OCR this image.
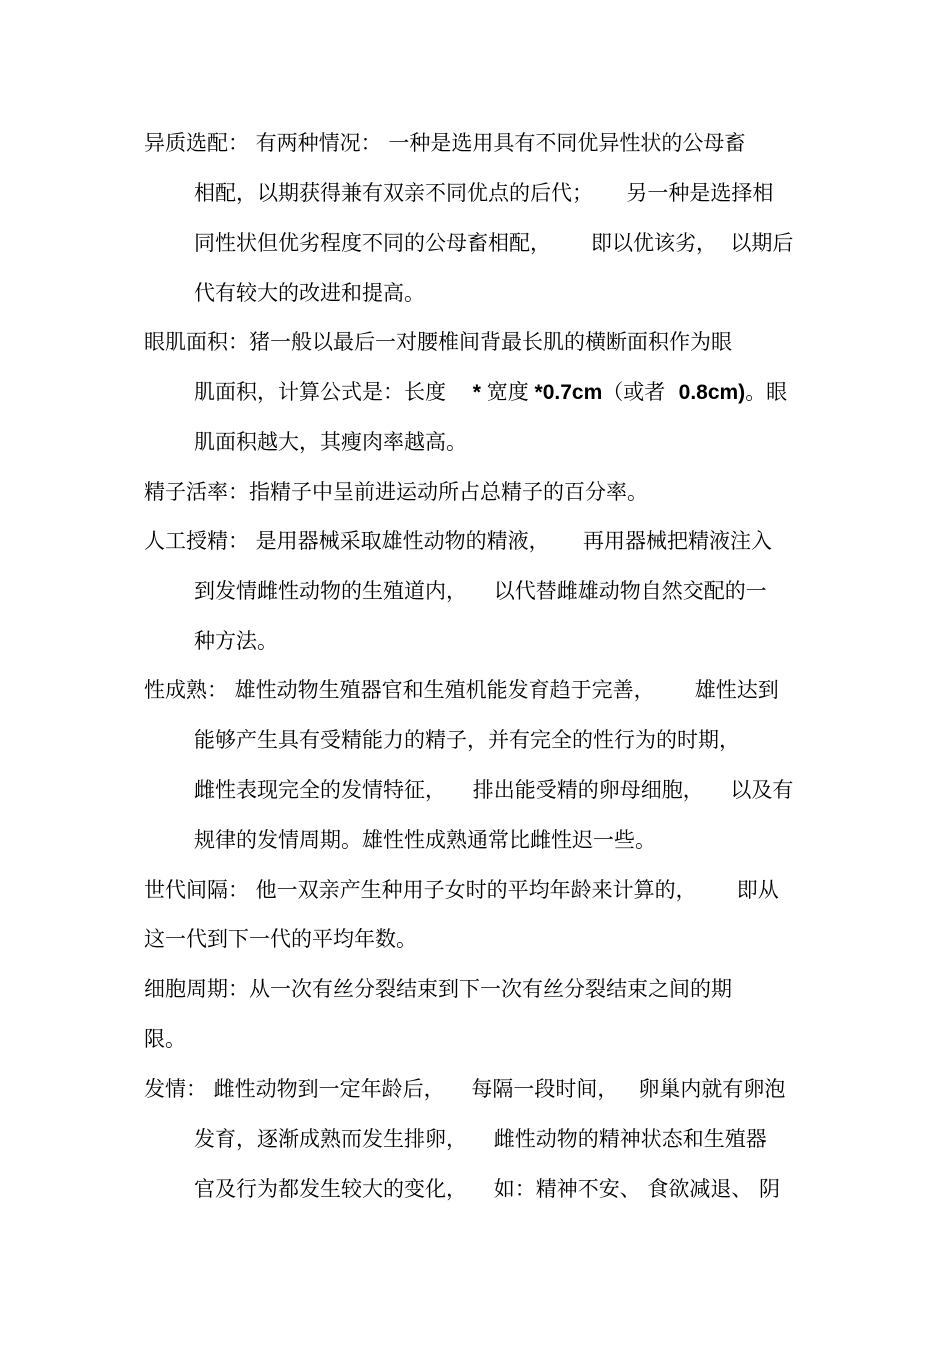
异质选配： 有两种情况： 一种是选用具有不同优异性状的公母畜

相配，以期获得兼有双亲不同优点的后代；     另一种是选择相

同性状但优劣程度不同的公母畜相配，      即以优该劣，  以期后

代有较大的改进和提高。

眼肌面积：猪一般以最后一对腰椎间背最长肌的横断面积作为眼

肌面积，计算公式是：长度    * 宽度 *0.7cm（或者  0.8cm)。眼

肌面积越大，其瘦肉率越高。

精子活率：指精子中呈前进运动所占总精子的百分率。

人工授精： 是用器械采取雄性动物的精液，     再用器械把精液注入

到发情雌性动物的生殖道内，    以代替雌雄动物自然交配的一

种方法。

性成熟： 雄性动物生殖器官和生殖机能发育趋于完善，      雄性达到

能够产生具有受精能力的精子，并有完全的性行为的时期，

雌性表现完全的发情特征，    排出能受精的卵母细胞，    以及有

规律的发情周期。雄性性成熟通常比雌性迟一些。

世代间隔： 他一双亲产生种用子女时的平均年龄来计算的，      即从

这一代到下一代的平均年数。

细胞周期：从一次有丝分裂结束到下一次有丝分裂结束之间的期

限。

发情： 雌性动物到一定年龄后，    每隔一段时间，   卵巢内就有卵泡

发育，逐渐成熟而发生排卵，    雌性动物的精神状态和生殖器

官及行为都发生较大的变化，    如：精神不安、 食欲减退、 阴
